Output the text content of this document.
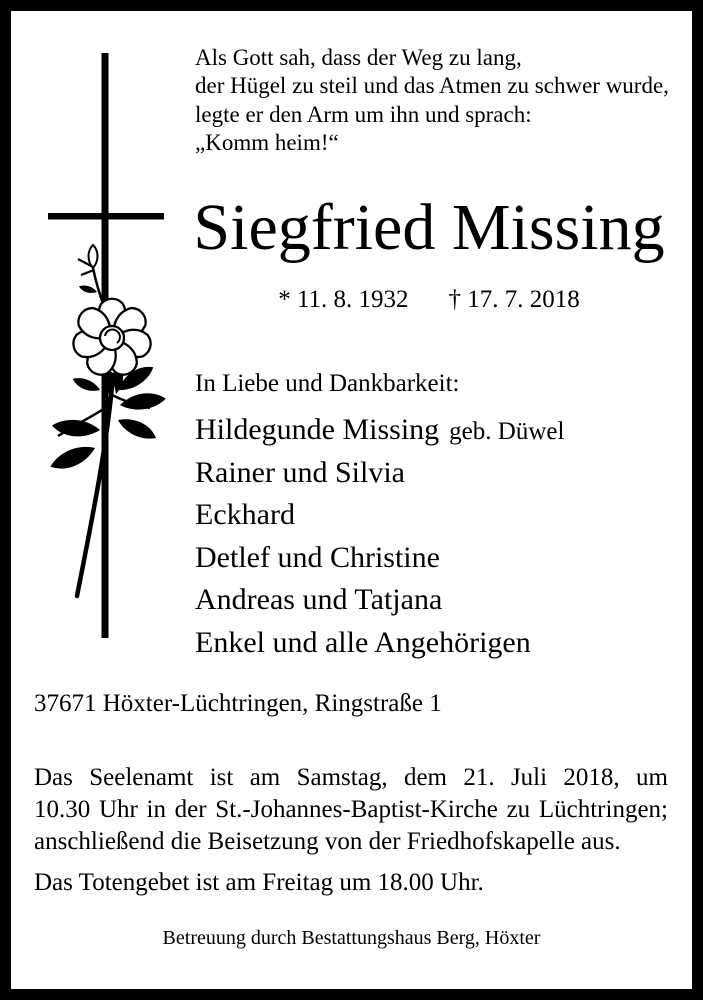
Als Gott sah, dass der Weg zu lang,
der Hügel zu steil und das Atmen zu schwer wurde,
legte er den Arm um ihn und sprach:
„Komm heim!“
Siegfried Missing
* 11. 8. 1932 † 17. 7. 2018
In Liebe und Dankbarkeit:
Hildegunde Missing geb. Düwel
Rainer und Silvia
Eckhard
Detlef und Christine
Andreas und Tatjana
Enkel und alle Angehörigen
37671 Höxter-Lüchtringen, Ringstraße 1
Das Seelenamt ist am Samstag, dem 21. Juli 2018, um
10.30 Uhr in der St.-Johannes-Baptist-Kirche zu Lüchtringen;
anschließend die Beisetzung von der Friedhofskapelle aus.
Das Totengebet ist am Freitag um 18.00 Uhr.
Betreuung durch Bestattungshaus Berg, Höxter
